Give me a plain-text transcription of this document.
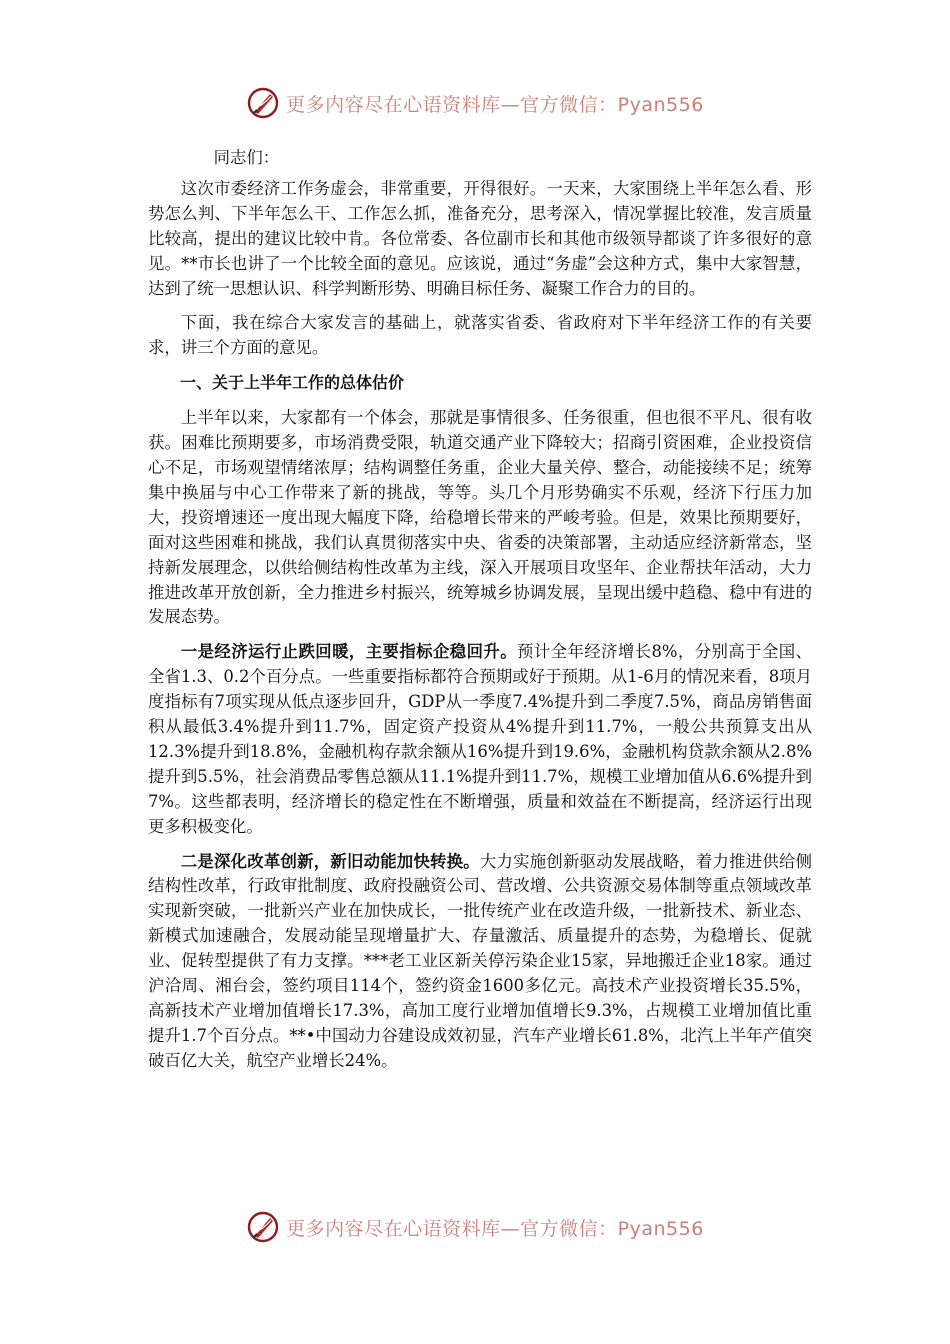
更多内容尽在心语资料库—官方微信：Pyan556

同志们：

这次市委经济工作务虚会，非常重要，开得很好。一天来，大家围绕上半年怎么看、形势怎么判、下半年怎么干、工作怎么抓，准备充分，思考深入，情况掌握比较准，发言质量比较高，提出的建议比较中肯。各位常委、各位副市长和其他市级领导都谈了许多很好的意见。**市长也讲了一个比较全面的意见。应该说，通过“务虚”会这种方式，集中大家智慧，达到了统一思想认识、科学判断形势、明确目标任务、凝聚工作合力的目的。

下面，我在综合大家发言的基础上，就落实省委、省政府对下半年经济工作的有关要求，讲三个方面的意见。

一、关于上半年工作的总体估价

上半年以来，大家都有一个体会，那就是事情很多、任务很重，但也很不平凡、很有收获。困难比预期要多，市场消费受限，轨道交通产业下降较大；招商引资困难，企业投资信心不足，市场观望情绪浓厚；结构调整任务重，企业大量关停、整合，动能接续不足；统筹集中换届与中心工作带来了新的挑战，等等。头几个月形势确实不乐观，经济下行压力加大，投资增速还一度出现大幅度下降，给稳增长带来的严峻考验。但是，效果比预期要好，面对这些困难和挑战，我们认真贯彻落实中央、省委的决策部署，主动适应经济新常态，坚持新发展理念，以供给侧结构性改革为主线，深入开展项目攻坚年、企业帮扶年活动，大力推进改革开放创新，全力推进乡村振兴，统筹城乡协调发展，呈现出缓中趋稳、稳中有进的发展态势。

一是经济运行止跌回暖，主要指标企稳回升。预计全年经济增长8%，分别高于全国、全省1.3、0.2个百分点。一些重要指标都符合预期或好于预期。从1-6月的情况来看，8项月度指标有7项实现从低点逐步回升，GDP从一季度7.4%提升到二季度7.5%，商品房销售面积从最低3.4%提升到11.7%，固定资产投资从4%提升到11.7%，一般公共预算支出从12.3%提升到18.8%，金融机构存款余额从16%提升到19.6%，金融机构贷款余额从2.8%提升到5.5%，社会消费品零售总额从11.1%提升到11.7%，规模工业增加值从6.6%提升到7%。这些都表明，经济增长的稳定性在不断增强，质量和效益在不断提高，经济运行出现更多积极变化。

二是深化改革创新，新旧动能加快转换。大力实施创新驱动发展战略，着力推进供给侧结构性改革，行政审批制度、政府投融资公司、营改增、公共资源交易体制等重点领域改革实现新突破，一批新兴产业在加快成长，一批传统产业在改造升级，一批新技术、新业态、新模式加速融合，发展动能呈现增量扩大、存量激活、质量提升的态势，为稳增长、促就业、促转型提供了有力支撑。***老工业区新关停污染企业15家，异地搬迁企业18家。通过沪洽周、湘台会，签约项目114个，签约资金1600多亿元。高技术产业投资增长35.5%，高新技术产业增加值增长17.3%，高加工度行业增加值增长9.3%，占规模工业增加值比重提升1.7个百分点。**•中国动力谷建设成效初显，汽车产业增长61.8%，北汽上半年产值突破百亿大关，航空产业增长24%。

更多内容尽在心语资料库—官方微信：Pyan556
